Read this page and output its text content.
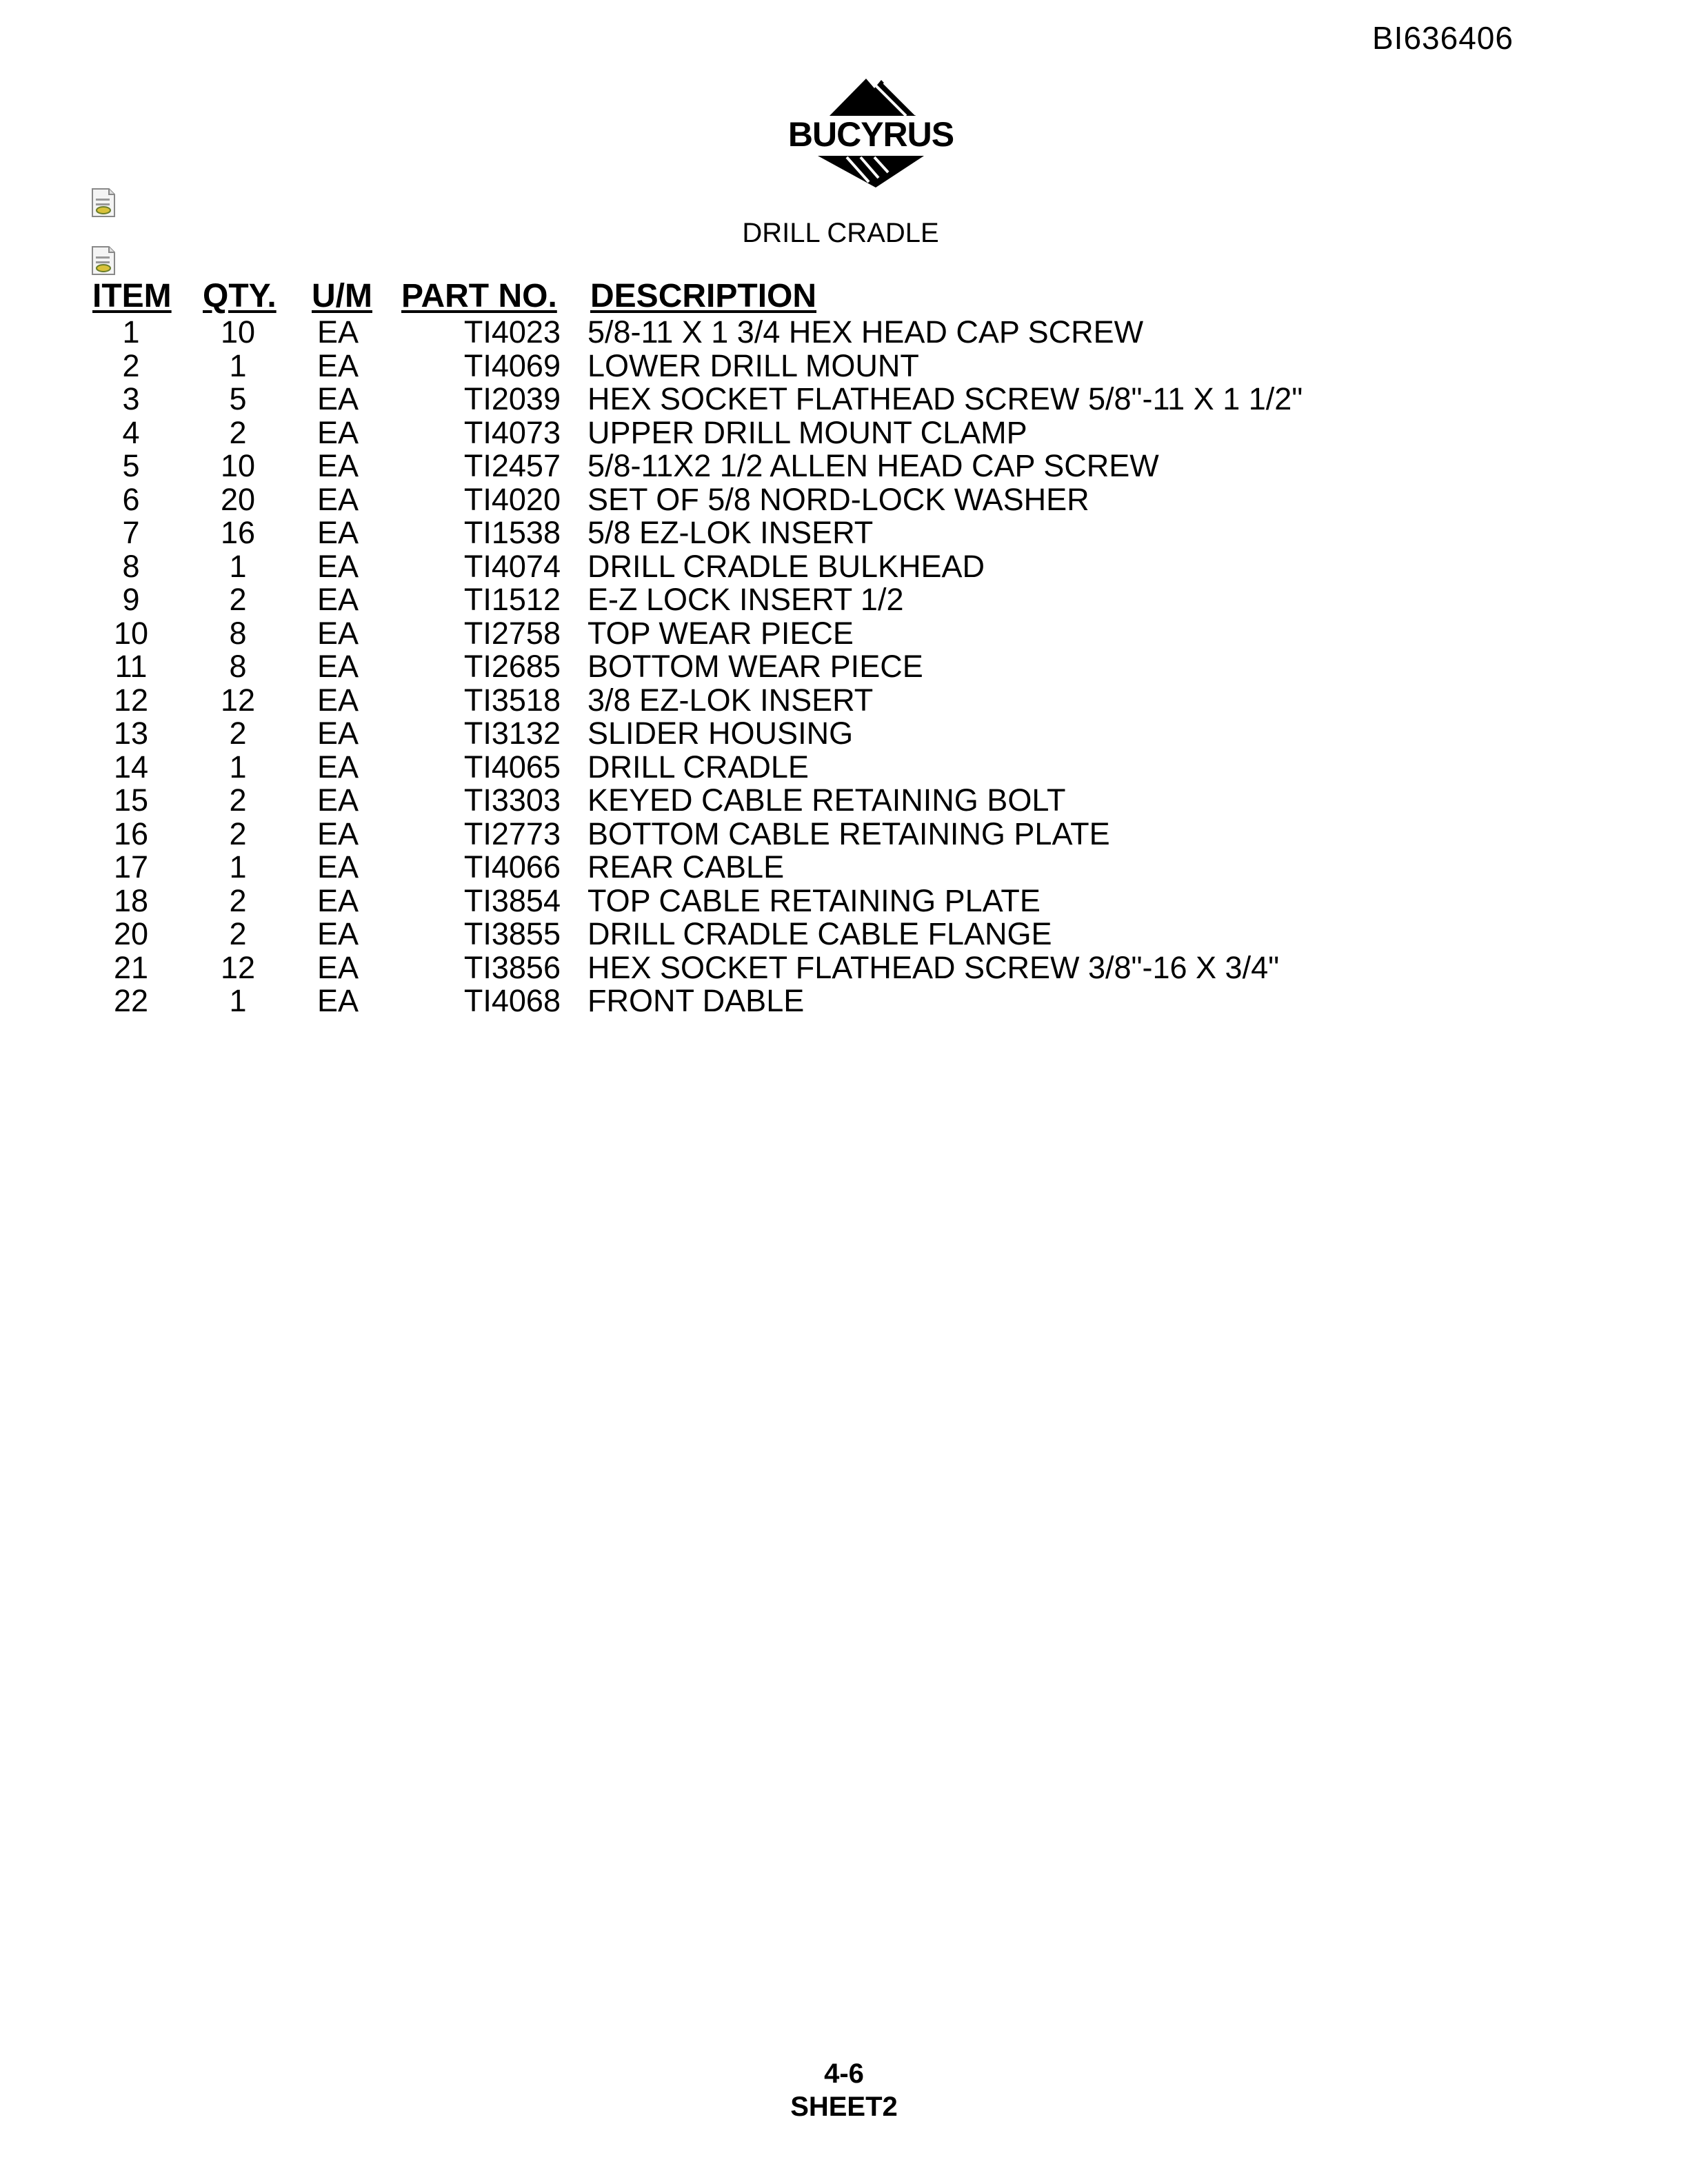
BI636406
BUCYRUS
DRILL CRADLE
ITEM QTY. U/M PART NO. DESCRIPTION
1	10	EA	TI4023 5/8-11 X 1 3/4 HEX HEAD CAP SCREW
2	1	EA	TI4069 LOWER DRILL MOUNT
3	5	EA	TI2039 HEX SOCKET FLATHEAD SCREW 5/8"-11 X 1 1/2"
4	2	EA	TI4073 UPPER DRILL MOUNT CLAMP
5	10	EA	TI2457 5/8-11X2 1/2 ALLEN HEAD CAP SCREW
6	20	EA	TI4020 SET OF 5/8 NORD-LOCK WASHER
7	16	EA	TI1538 5/8 EZ-LOK INSERT
8	1	EA	TI4074 DRILL CRADLE BULKHEAD
9	2	EA	TI1512 E-Z LOCK INSERT 1/2
10	8	EA	TI2758 TOP WEAR PIECE
11	8	EA	TI2685 BOTTOM WEAR PIECE
12	12	EA	TI3518 3/8 EZ-LOK INSERT
13	2	EA	TI3132 SLIDER HOUSING
14	1	EA	TI4065 DRILL CRADLE
15	2	EA	TI3303 KEYED CABLE RETAINING BOLT
16	2	EA	TI2773 BOTTOM CABLE RETAINING PLATE
17	1	EA	TI4066 REAR CABLE
18	2	EA	TI3854 TOP CABLE RETAINING PLATE
20	2	EA	TI3855 DRILL CRADLE CABLE FLANGE
21	12	EA	TI3856 HEX SOCKET FLATHEAD SCREW 3/8"-16 X 3/4"
22	1	EA	TI4068 FRONT DABLE
4-6
SHEET2
